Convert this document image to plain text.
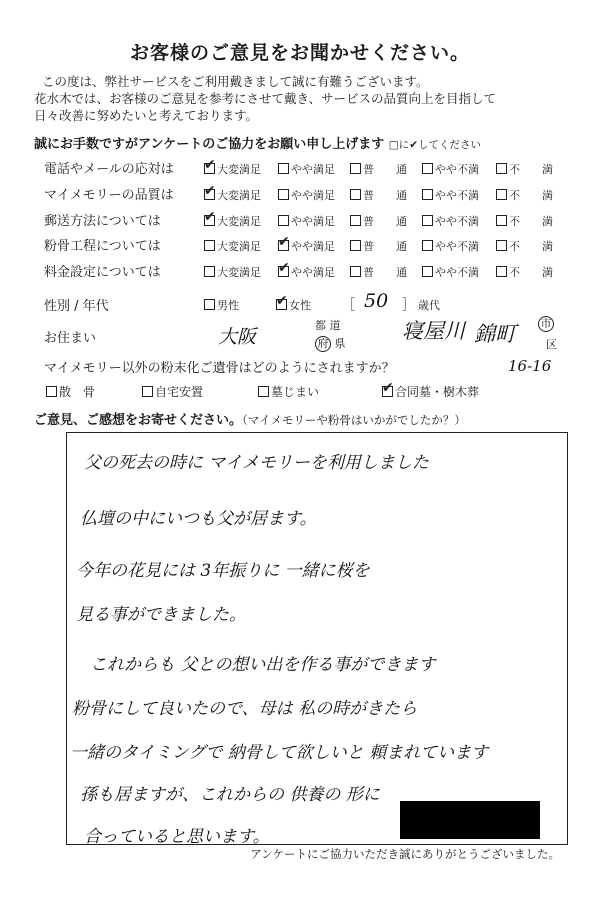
お客様のご意見をお聞かせください。
この度は、弊社サービスをご利用戴きまして誠に有難うございます。
花水木では、お客様のご意見を参考にさせて戴き、サービスの品質向上を目指して
日々改善に努めたいと考えております。
誠にお手数ですがアンケートのご協力をお願い申し上げます □に✔してください
電話やメールの応対は ✔	大変満足	やや満足	普　　通	やや不満	不　　満
マイメモリーの品質は ✔	大変満足	やや満足	普　　通	やや不満	不　　満
郵送方法については ✔	大変満足	やや満足	普　　通	やや不満	不　　満
粉骨工程については	大変満足 ✔	やや満足	普　　通	やや不満	不　　満
料金設定については	大変満足 ✔	やや満足	普　　通	やや不満	不　　満
性別 / 年代	男性 ✔	女性 ［ 50 ］ 歳代
お住まい	大阪
都 道
府 県
寝屋川 錦町 市
区
16-16
マイメモリー以外の粉末化ご遺骨はどのようにされますか？
散　骨	自宅安置	墓じまい ✔	合同墓・樹木葬
ご意見、ご感想をお寄せください。（マイメモリーや粉骨はいかがでしたか？）
父の死去の時に マイメモリーを利用しました
仏壇の中にいつも父が居ます。
今年の花見には 3年振りに 一緒に桜を
見る事ができました。
これからも 父との想い出を作る事ができます
粉骨にして良いたので、母は 私の時がきたら
一緒のタイミングで 納骨して欲しいと 頼まれています
孫も居ますが、これからの 供養の 形に
合っていると思います。
アンケートにご協力いただき誠にありがとうございました。
